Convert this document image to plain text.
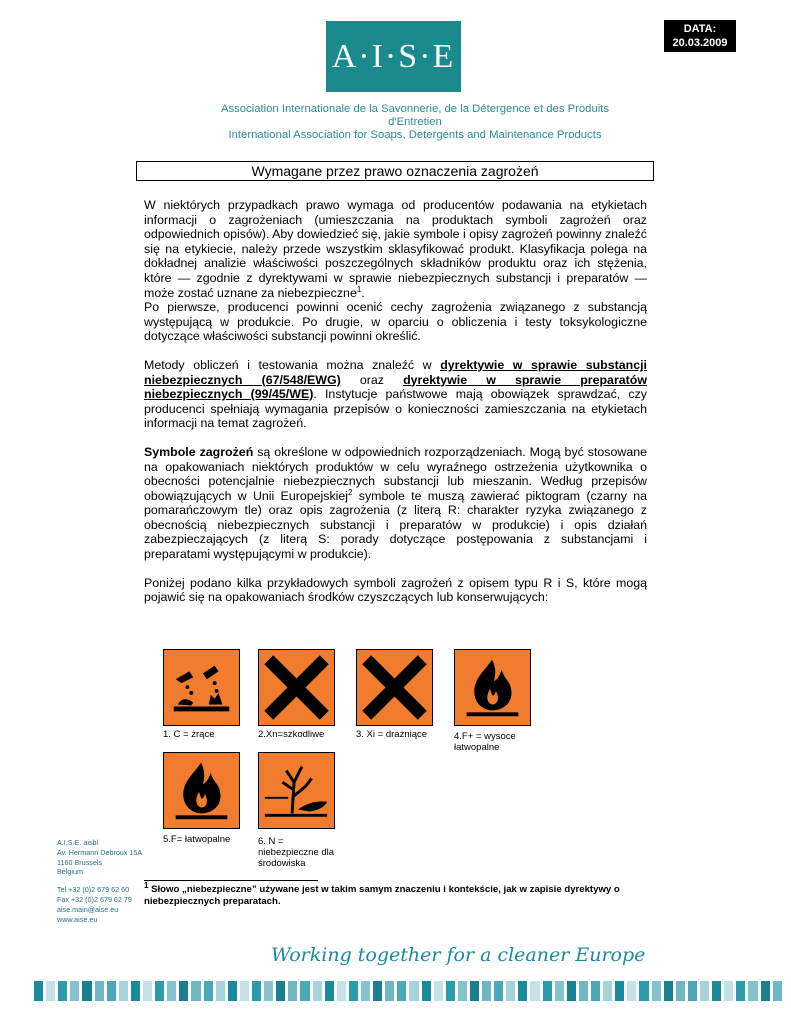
DATA:
20.03.2009
A·I·S·E
Association Internationale de la Savonnerie, de la Détergence et des Produits d'Entretien
International Association for Soaps, Detergents and Maintenance Products
Wymagane przez prawo oznaczenia zagrożeń

W niektórych przypadkach prawo wymaga od producentów podawania na etykietach informacji o zagrożeniach (umieszczania na produktach symboli zagrożeń oraz odpowiednich opisów). Aby dowiedzieć się, jakie symbole i opisy zagrożeń powinny znaleźć się na etykiecie, należy przede wszystkim sklasyfikować produkt. Klasyfikacja polega na dokładnej analizie właściwości poszczególnych składników produktu oraz ich stężenia, które — zgodnie z dyrektywami w sprawie niebezpiecznych substancji i preparatów — może zostać uznane za niebezpieczne$^1$.

Po pierwsze, producenci powinni ocenić cechy zagrożenia związanego z substancją występującą w produkcie. Po drugie, w oparciu o obliczenia i testy toksykologiczne dotyczące właściwości substancji powinni określić.

Metody obliczeń i testowania można znaleźć w dyrektywie w sprawie substancji niebezpiecznych (67/548/EWG) oraz dyrektywie w sprawie preparatów niebezpiecznych (99/45/WE). Instytucje państwowe mają obowiązek sprawdzać, czy producenci spełniają wymagania przepisów o konieczności zamieszczania na etykietach informacji na temat zagrożeń.

Symbole zagrożeń są określone w odpowiednich rozporządzeniach. Mogą być stosowane na opakowaniach niektórych produktów w celu wyraźnego ostrzeżenia użytkownika o obecności potencjalnie niebezpiecznych substancji lub mieszanin. Według przepisów obowiązujących w Unii Europejskiej$^2$ symbole te muszą zawierać piktogram (czarny na pomarańczowym tle) oraz opis zagrożenia (z literą R: charakter ryzyka związanego z obecnością niebezpiecznych substancji i preparatów w produkcie) i opis działań zabezpieczających (z literą S: porady dotyczące postępowania z substancjami i preparatami występującymi w produkcie).

Poniżej podano kilka przykładowych symboli zagrożeń z opisem typu R i S, które mogą pojawić się na opakowaniach środków czyszczących lub konserwujących:

1. C = żrące	2.Xn=szkodliwe	3. Xi = drażniące	4.F+ = wysoce
łatwopalne
5.F= łatwopalne	6. N =
niebezpieczne dla
środowiska
A.I.S.E. aisbl
Av. Hermann Debroux 15A
1160 Brussels
Belgium
Tel +32 (0)2 679 62 60
Fax +32 (0)2 679 62 79
aise.main@aise.eu
www.aise.eu
$^1$ Słowo „niebezpieczne” używane jest w takim samym znaczeniu i kontekście, jak w zapisie dyrektywy o niebezpiecznych preparatach.
Working together for a cleaner Europe
